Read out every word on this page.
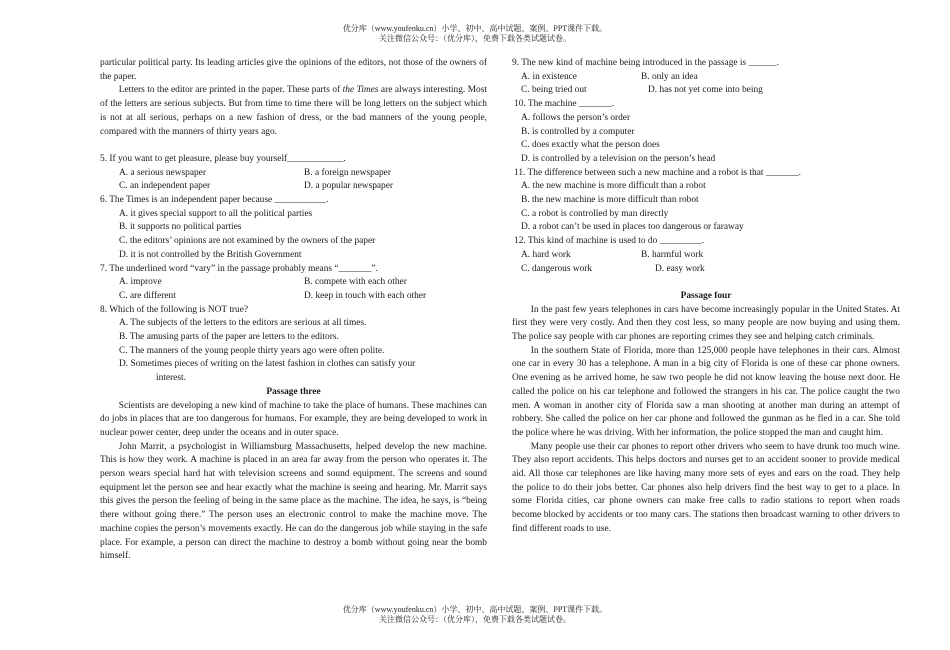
优分库（www.youfenku.cn）小学、初中、高中试题、案例、PPT课件下载。
关注微信公众号：（优分库），免费下载各类试题试卷。

particular political party. Its leading articles give the opinions of the editors, not those of the owners of the paper.

Letters to the editor are printed in the paper. These parts of the Times are always interesting. Most of the letters are serious subjects. But from time to time there will be long letters on the subject which is not at all serious, perhaps on a new fashion of dress, or the bad manners of the young people, compared with the manners of thirty years ago.

5. If you want to get pleasure, please buy yourself____________.
A. a serious newspaper	B. a foreign newspaper
C. an independent paper	D. a popular newspaper
6. The Times is an independent paper because ___________.
A. it gives special support to all the political parties
B. it supports no political parties
C. the editors’ opinions are not examined by the owners of the paper
D. it is not controlled by the British Government
7. The underlined word “vary” in the passage probably means “_______”.
A. improve	B. compete with each other
C. are different	D. keep in touch with each other
8. Which of the following is NOT true?
A. The subjects of the letters to the editors are serious at all times.
B. The amusing parts of the paper are letters to the editors.
C. The manners of the young people thirty years ago were often polite.
D. Sometimes pieces of writing on the latest fashion in clothes can satisfy your
interest.
Passage three

Scientists are developing a new kind of machine to take the place of humans. These machines can do jobs in places that are too dangerous for humans. For example, they are being developed to work in nuclear power center, deep under the oceans and in outer space.

John Marrit, a psychologist in Williamsburg Massachusetts, helped develop the new machine. This is how they work. A machine is placed in an area far away from the person who operates it. The person wears special hard hat with television screens and sound equipment. The screens and sound equipment let the person see and hear exactly what the machine is seeing and hearing. Mr. Marrit says this gives the person the feeling of being in the same place as the machine. The idea, he says, is “being there without going there.” The person uses an electronic control to make the machine move. The machine copies the person’s movements exactly. He can do the dangerous job while staying in the safe place. For example, a person can direct the machine to destroy a bomb without going near the bomb himself.

9. The new kind of machine being introduced in the passage is ______.
A. in existence	B. only an idea
C. being tried out	D. has not yet come into being
10. The machine _______.
A. follows the person’s order
B. is controlled by a computer
C. does exactly what the person does
D. is controlled by a television on the person’s head
11. The difference between such a new machine and a robot is that _______.
A. the new machine is more difficult than a robot
B. the new machine is more difficult than robot
C. a robot is controlled by man directly
D. a robot can’t be used in places too dangerous or faraway
12. This kind of machine is used to do _________.
A. hard work	B. harmful work
C. dangerous work	D. easy work
Passage four

In the past few years telephones in cars have become increasingly popular in the United States. At first they were very costly. And then they cost less, so many people are now buying and using them. The police say people with car phones are reporting crimes they see and helping catch criminals.

In the southern State of Florida, more than 125,000 people have telephones in their cars. Almost one car in every 30 has a telephone. A man in a big city of Florida is one of these car phone owners. One evening as he arrived home, he saw two people he did not know leaving the house next door. He called the police on his car telephone and followed the strangers in his car. The police caught the two men. A woman in another city of Florida saw a man shooting at another man during an attempt of robbery. She called the police on her car phone and followed the gunman as he fled in a car. She told the police where he was driving. With her information, the police stopped the man and caught him.

Many people use their car phones to report other drivers who seem to have drunk too much wine. They also report accidents. This helps doctors and nurses get to an accident sooner to provide medical aid. All those car telephones are like having many more sets of eyes and ears on the road. They help the police to do their jobs better. Car phones also help drivers find the best way to get to a place. In some Florida cities, car phone owners can make free calls to radio stations to report when roads become blocked by accidents or too many cars. The stations then broadcast warning to other drivers to find different roads to use.

优分库（www.youfenku.cn）小学、初中、高中试题、案例、PPT课件下载。
关注微信公众号：（优分库），免费下载各类试题试卷。
